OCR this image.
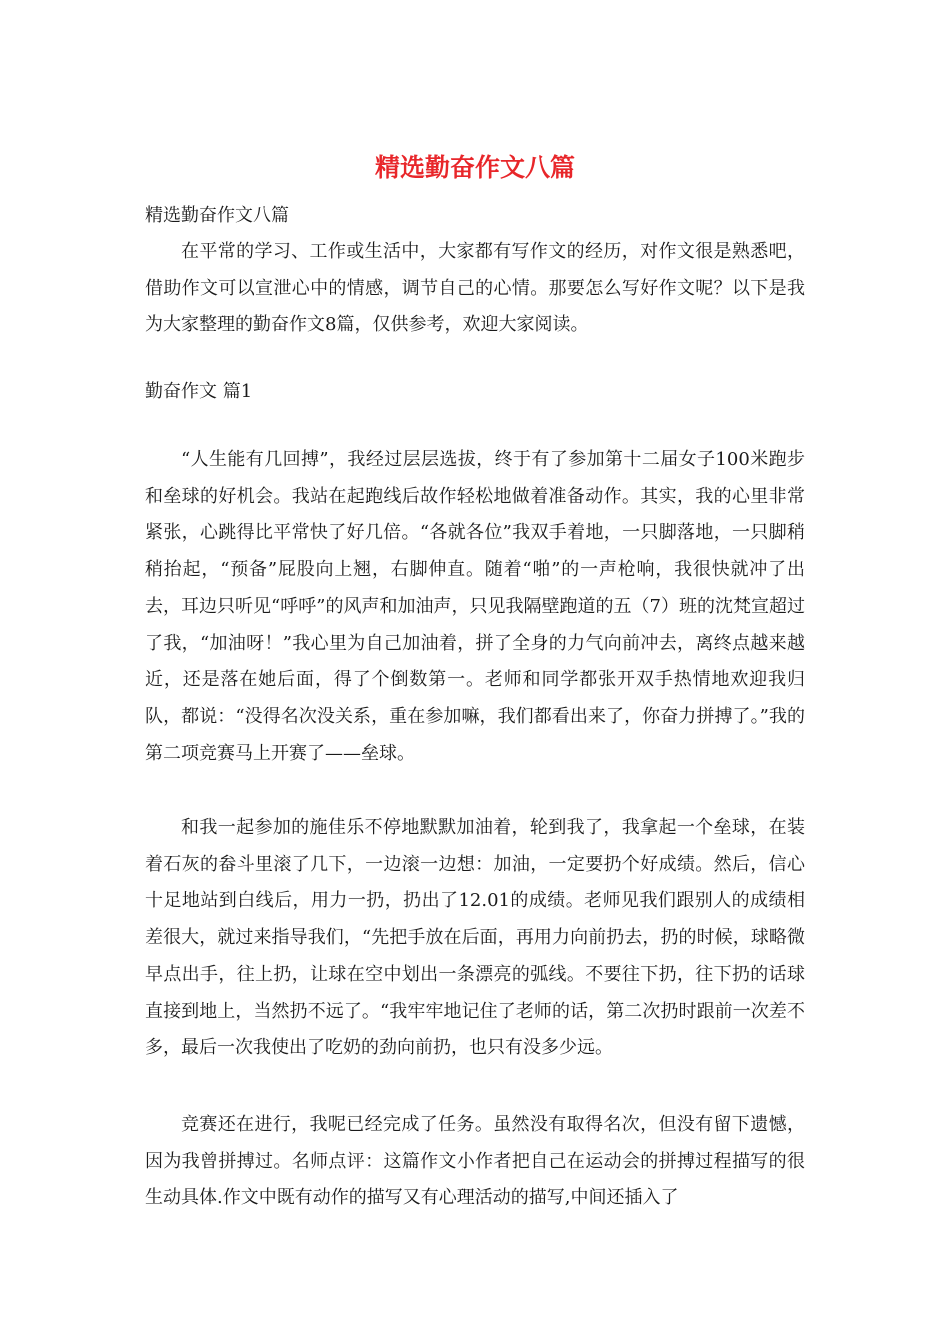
精选勤奋作文八篇

精选勤奋作文八篇

在平常的学习、工作或生活中，大家都有写作文的经历，对作文很是熟悉吧，借助作文可以宣泄心中的情感，调节自己的心情。那要怎么写好作文呢？以下是我为大家整理的勤奋作文8篇，仅供参考，欢迎大家阅读。

勤奋作文 篇1

“人生能有几回搏”，我经过层层选拔，终于有了参加第十二届女子100米跑步和垒球的好机会。我站在起跑线后故作轻松地做着准备动作。其实，我的心里非常紧张，心跳得比平常快了好几倍。“各就各位”我双手着地，一只脚落地，一只脚稍稍抬起，“预备”屁股向上翘，右脚伸直。随着“啪”的一声枪响，我很快就冲了出去，耳边只听见“呼呼”的风声和加油声，只见我隔壁跑道的五（7）班的沈梵宣超过了我，“加油呀！”我心里为自己加油着，拼了全身的力气向前冲去，离终点越来越近，还是落在她后面，得了个倒数第一。老师和同学都张开双手热情地欢迎我归队，都说：“没得名次没关系，重在参加嘛，我们都看出来了，你奋力拼搏了。”我的第二项竞赛马上开赛了——垒球。

和我一起参加的施佳乐不停地默默加油着，轮到我了，我拿起一个垒球，在装着石灰的畚斗里滚了几下，一边滚一边想：加油，一定要扔个好成绩。然后，信心十足地站到白线后，用力一扔，扔出了12.01的成绩。老师见我们跟别人的成绩相差很大，就过来指导我们，“先把手放在后面，再用力向前扔去，扔的时候，球略微早点出手，往上扔，让球在空中划出一条漂亮的弧线。不要往下扔，往下扔的话球直接到地上，当然扔不远了。“我牢牢地记住了老师的话，第二次扔时跟前一次差不多，最后一次我使出了吃奶的劲向前扔，也只有没多少远。

竞赛还在进行，我呢已经完成了任务。虽然没有取得名次，但没有留下遗憾，因为我曾拼搏过。名师点评：这篇作文小作者把自己在运动会的拼搏过程描写的很生动具体.作文中既有动作的描写又有心理活动的描写,中间还插入了
